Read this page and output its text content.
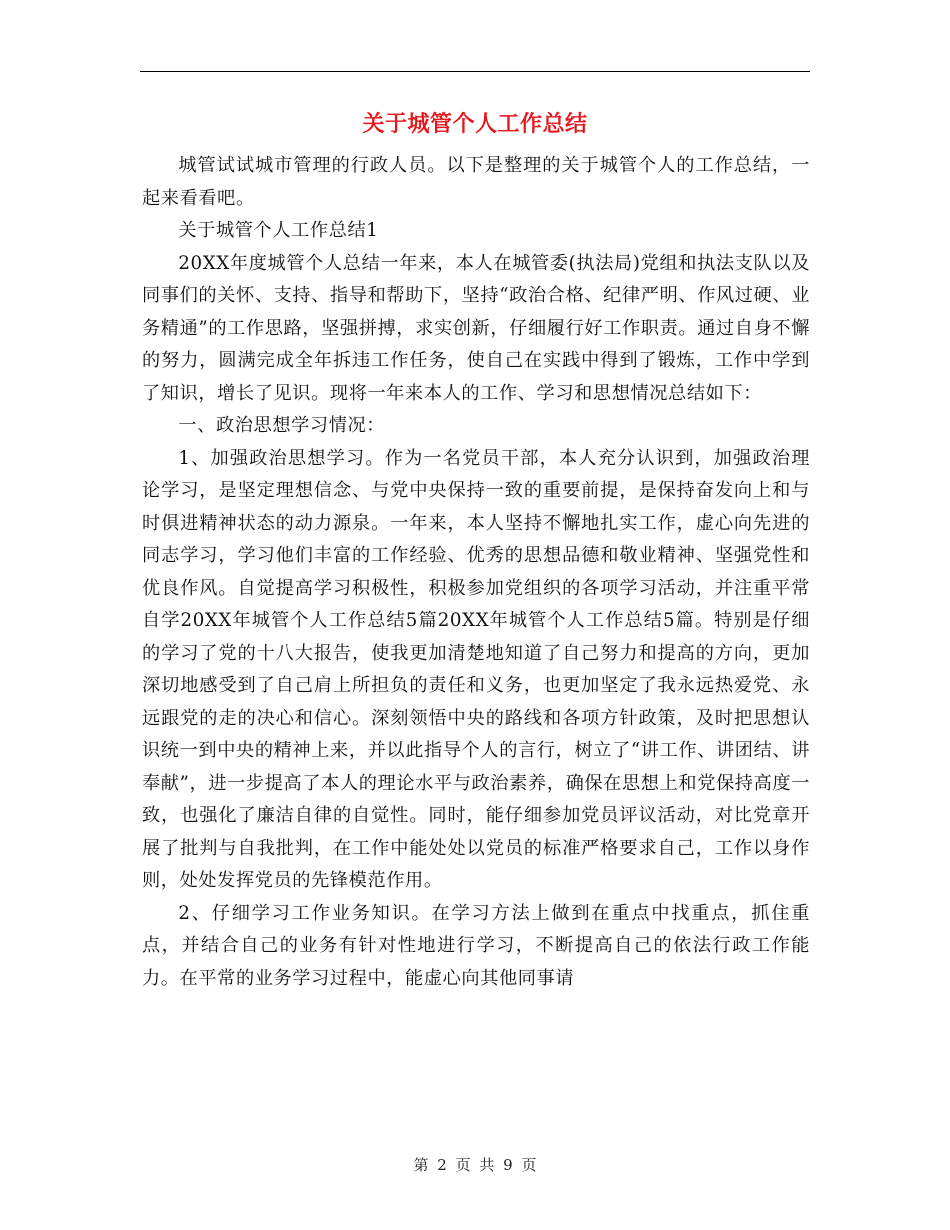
关于城管个人工作总结

城管试试城市管理的行政人员。以下是整理的关于城管个人的工作总结，一起来看看吧。

关于城管个人工作总结1

20XX年度城管个人总结一年来，本人在城管委(执法局)党组和执法支队以及同事们的关怀、支持、指导和帮助下，坚持“政治合格、纪律严明、作风过硬、业务精通”的工作思路，坚强拼搏，求实创新，仔细履行好工作职责。通过自身不懈的努力，圆满完成全年拆违工作任务，使自己在实践中得到了锻炼，工作中学到了知识，增长了见识。现将一年来本人的工作、学习和思想情况总结如下：

一、政治思想学习情况：

1、加强政治思想学习。作为一名党员干部，本人充分认识到，加强政治理论学习，是坚定理想信念、与党中央保持一致的重要前提，是保持奋发向上和与时俱进精神状态的动力源泉。一年来，本人坚持不懈地扎实工作，虚心向先进的同志学习，学习他们丰富的工作经验、优秀的思想品德和敬业精神、坚强党性和优良作风。自觉提高学习积极性，积极参加党组织的各项学习活动，并注重平常自学20XX年城管个人工作总结5篇20XX年城管个人工作总结5篇。特别是仔细的学习了党的十八大报告，使我更加清楚地知道了自己努力和提高的方向，更加深切地感受到了自己肩上所担负的责任和义务，也更加坚定了我永远热爱党、永远跟党的走的决心和信心。深刻领悟中央的路线和各项方针政策，及时把思想认识统一到中央的精神上来，并以此指导个人的言行，树立了“讲工作、讲团结、讲奉献”，进一步提高了本人的理论水平与政治素养，确保在思想上和党保持高度一致，也强化了廉洁自律的自觉性。同时，能仔细参加党员评议活动，对比党章开展了批判与自我批判，在工作中能处处以党员的标准严格要求自己，工作以身作则，处处发挥党员的先锋模范作用。

2、仔细学习工作业务知识。在学习方法上做到在重点中找重点，抓住重点，并结合自己的业务有针对性地进行学习，不断提高自己的依法行政工作能力。在平常的业务学习过程中，能虚心向其他同事请

第 2 页 共 9 页
